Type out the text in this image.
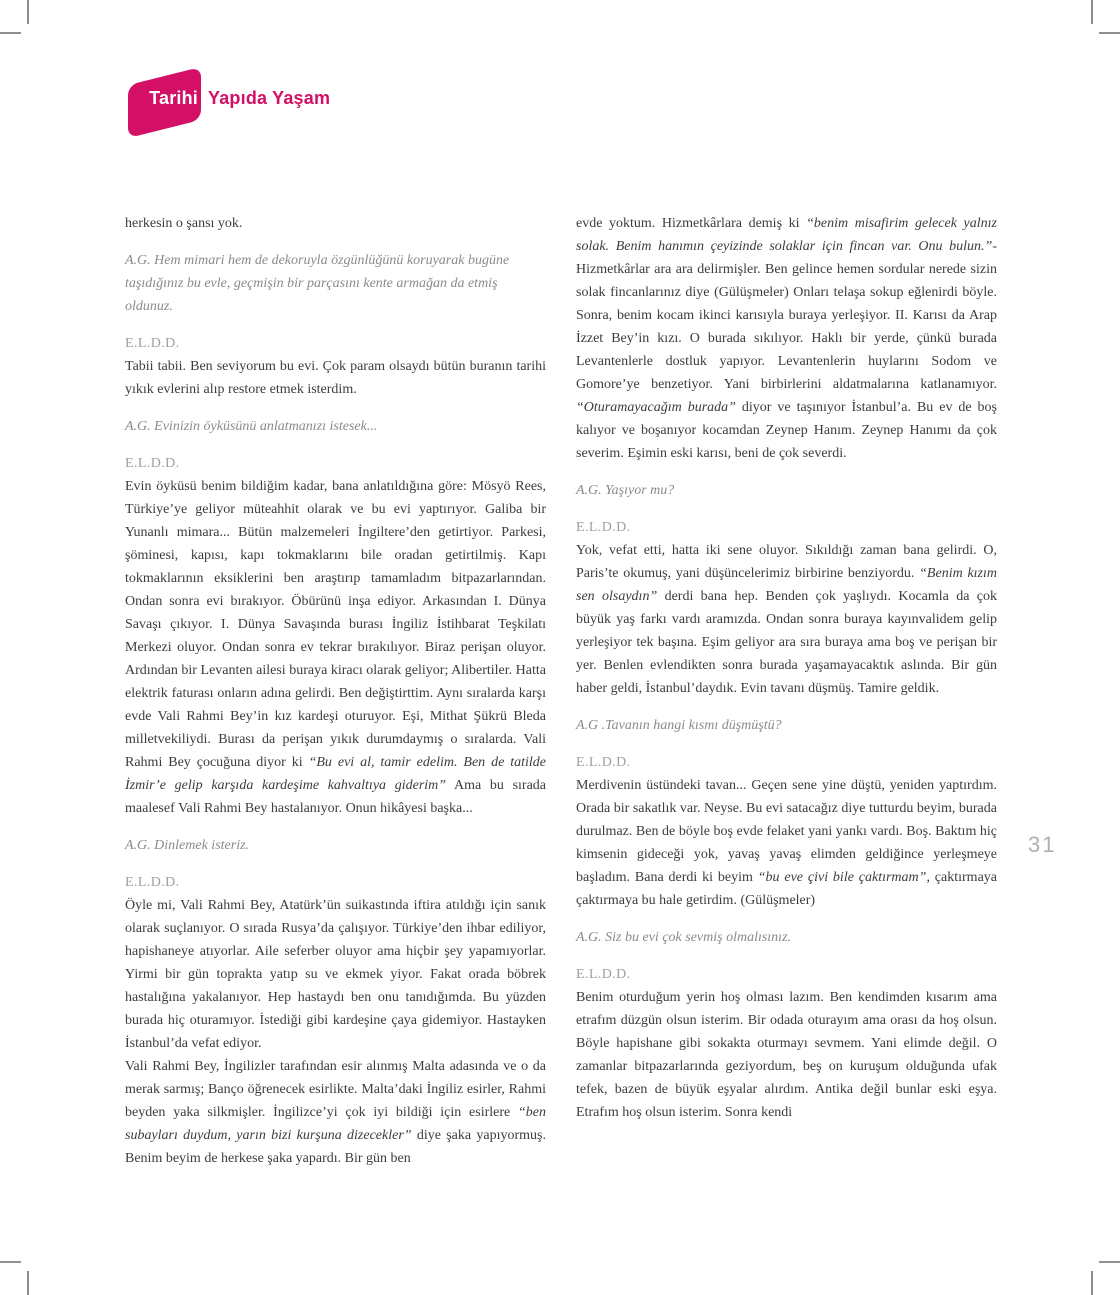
Tarihi Yapıda Yaşam
31

herkesin o şansı yok.

A.G. Hem mimari hem de dekoruyla özgünlüğünü koruyarak bugüne taşıdığınız bu evle, geçmişin bir parçasını kente armağan da etmiş oldunuz.

E.L.D.D.

Tabii tabii. Ben seviyorum bu evi. Çok param olsaydı bütün buranın tarihi yıkık evlerini alıp restore etmek isterdim.

A.G. Evinizin öyküsünü anlatmanızı istesek...

E.L.D.D.

Evin öyküsü benim bildiğim kadar, bana anlatıldığına göre: Mösyö Rees, Türkiye’ye geliyor müteahhit olarak ve bu evi yaptırıyor. Galiba bir Yunanlı mimara... Bütün malzemeleri İngiltere’den getirtiyor. Parkesi, şöminesi, kapısı, kapı tokmaklarını bile oradan getirtilmiş. Kapı tokmaklarının eksiklerini ben araştırıp tamamladım bitpazarlarından. Ondan sonra evi bırakıyor. Öbürünü inşa ediyor. Arkasından I. Dünya Savaşı çıkıyor. I. Dünya Savaşında burası İngiliz İstihbarat Teşkilatı Merkezi oluyor. Ondan sonra ev tekrar bırakılıyor. Biraz perişan oluyor. Ardından bir Levanten ailesi buraya kiracı olarak geliyor; Alibertiler. Hatta elektrik faturası onların adına gelirdi. Ben değiştirttim. Aynı sıralarda karşı evde Vali Rahmi Bey’in kız kardeşi oturuyor. Eşi, Mithat Şükrü Bleda milletvekiliydi. Burası da perişan yıkık durumdaymış o sıralarda. Vali Rahmi Bey çocuğuna diyor ki “Bu evi al, tamir edelim. Ben de tatilde İzmir’e gelip karşıda kardeşime kahvaltıya giderim” Ama bu sırada maalesef Vali Rahmi Bey hastalanıyor. Onun hikâyesi başka...

A.G. Dinlemek isteriz.

E.L.D.D.

Öyle mi, Vali Rahmi Bey, Atatürk’ün suikastında iftira atıldığı için sanık olarak suçlanıyor. O sırada Rusya’da çalışıyor. Türkiye’den ihbar ediliyor, hapishaneye atıyorlar. Aile seferber oluyor ama hiçbir şey yapamıyorlar. Yirmi bir gün toprakta yatıp su ve ekmek yiyor. Fakat orada böbrek hastalığına yakalanıyor. Hep hastaydı ben onu tanıdığımda. Bu yüzden burada hiç oturamıyor. İstediği gibi kardeşine çaya gidemiyor. Hastayken İstanbul’da vefat ediyor.

Vali Rahmi Bey, İngilizler tarafından esir alınmış Malta adasında ve o da merak sarmış; Banço öğrenecek esirlikte. Malta’daki İngiliz esirler, Rahmi beyden yaka silkmişler. İngilizce’yi çok iyi bildiği için esirlere “ben subayları duydum, yarın bizi kurşuna dizecekler” diye şaka yapıyormuş. Benim beyim de herkese şaka yapardı. Bir gün ben

evde yoktum. Hizmetkârlara demiş ki “benim misafirim gelecek yalnız solak. Benim hanımın çeyizinde solaklar için fincan var. Onu bulun.”- Hizmetkârlar ara ara delirmişler. Ben gelince hemen sordular nerede sizin solak fincanlarınız diye (Gülüşmeler) Onları telaşa sokup eğlenirdi böyle. Sonra, benim kocam ikinci karısıyla buraya yerleşiyor. II. Karısı da Arap İzzet Bey’in kızı. O burada sıkılıyor. Haklı bir yerde, çünkü burada Levantenlerle dostluk yapıyor. Levantenlerin huylarını Sodom ve Gomore’ye benzetiyor. Yani birbirlerini aldatmalarına katlanamıyor. “Oturamayacağım burada” diyor ve taşınıyor İstanbul’a. Bu ev de boş kalıyor ve boşanıyor kocamdan Zeynep Hanım. Zeynep Hanımı da çok severim. Eşimin eski karısı, beni de çok severdi.

A.G. Yaşıyor mu?

E.L.D.D.

Yok, vefat etti, hatta iki sene oluyor. Sıkıldığı zaman bana gelirdi. O, Paris’te okumuş, yani düşüncelerimiz birbirine benziyordu. “Benim kızım sen olsaydın” derdi bana hep. Benden çok yaşlıydı. Kocamla da çok büyük yaş farkı vardı aramızda. Ondan sonra buraya kayınvalidem gelip yerleşiyor tek başına. Eşim geliyor ara sıra buraya ama boş ve perişan bir yer. Benlen evlendikten sonra burada yaşamayacaktık aslında. Bir gün haber geldi, İstanbul’daydık. Evin tavanı düşmüş. Tamire geldik.

A.G .Tavanın hangi kısmı düşmüştü?

E.L.D.D.

Merdivenin üstündeki tavan... Geçen sene yine düştü, yeniden yaptırdım. Orada bir sakatlık var. Neyse. Bu evi satacağız diye tutturdu beyim, burada durulmaz. Ben de böyle boş evde felaket yani yankı vardı. Boş. Baktım hiç kimsenin gideceği yok, yavaş yavaş elimden geldiğince yerleşmeye başladım. Bana derdi ki beyim “bu eve çivi bile çaktırmam”, çaktırmaya çaktırmaya bu hale getirdim. (Gülüşmeler)

A.G. Siz bu evi çok sevmiş olmalısınız.

E.L.D.D.

Benim oturduğum yerin hoş olması lazım. Ben kendimden kısarım ama etrafım düzgün olsun isterim. Bir odada oturayım ama orası da hoş olsun. Böyle hapishane gibi sokakta oturmayı sevmem. Yani elimde değil. O zamanlar bitpazarlarında geziyordum, beş on kuruşum olduğunda ufak tefek, bazen de büyük eşyalar alırdım. Antika değil bunlar eski eşya. Etrafım hoş olsun isterim. Sonra kendi
